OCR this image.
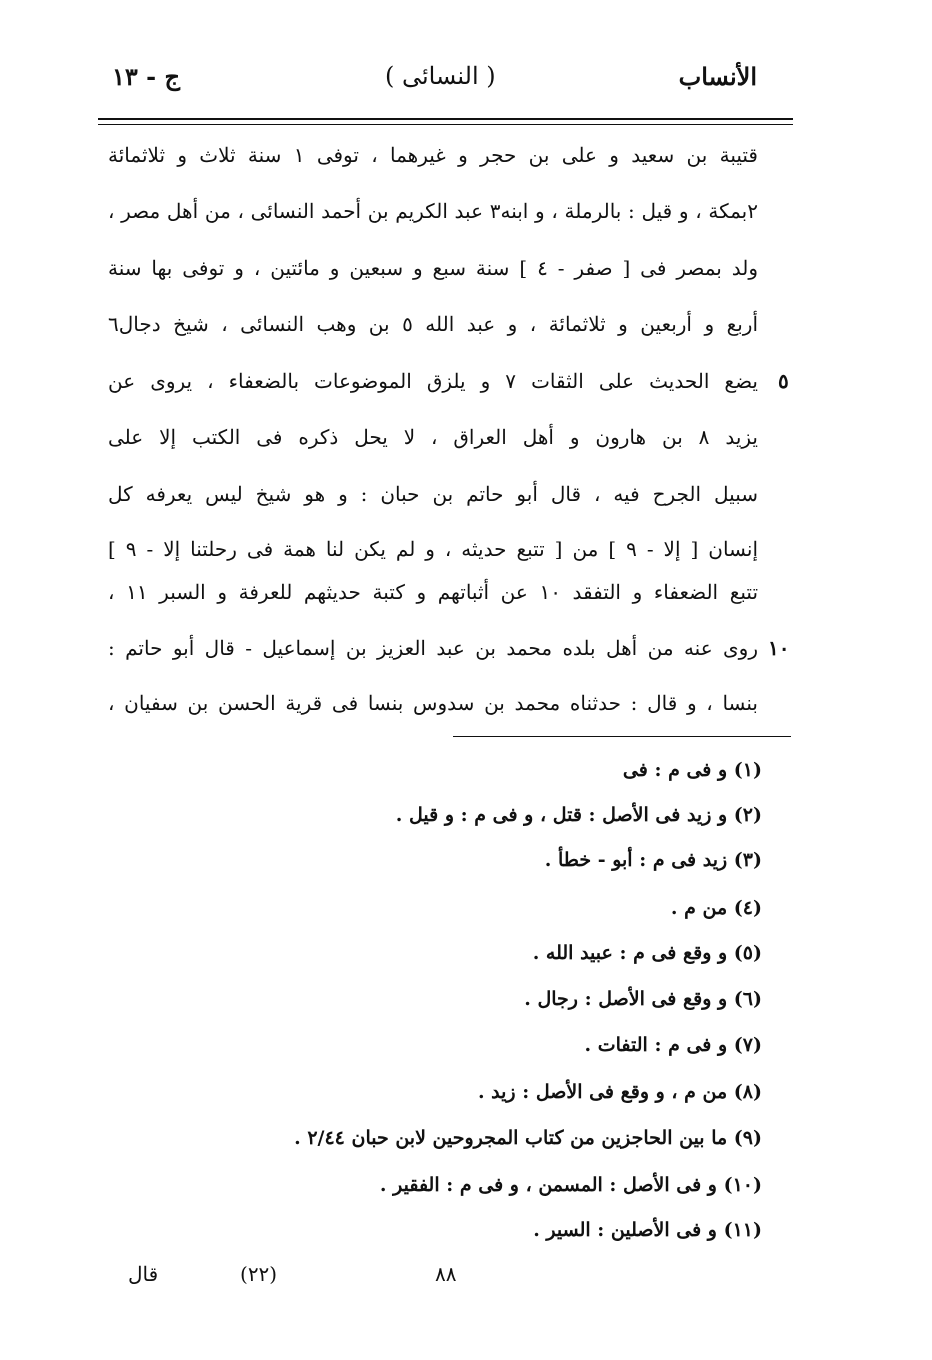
الأنساب
( النسائى )
ج - ١٣
قتيبة بن سعيد و على بن حجر و غيرهما ، توفى ١ سنة ثلاث و ثلاثمائة
٢بمكة ، و قيل : بالرملة ، و ابنه٣ عبد الكريم بن أحمد النسائى ، من أهل مصر ،
ولد بمصر فى [ صفر - ٤ ] سنة سبع و سبعين و مائتين ، و توفى بها سنة
أربع و أربعين و ثلاثمائة ، و عبد الله ٥ بن وهب النسائى ، شيخ دجال٦
يضع الحديث على الثقات ٧ و يلزق الموضوعات بالضعفاء ، يروى عن
يزيد ٨ بن هارون و أهل العراق ، لا يحل ذكره فى الكتب إلا على
سبيل الجرح فيه ، قال أبو حاتم بن حبان : و هو شيخ ليس يعرفه كل
إنسان [ إلا - ٩ ] من [ تتبع حديثه ، و لم يكن لنا همة فى رحلتنا إلا - ٩ ]
تتبع الضعفاء و التفقد ١٠ عن أثباتهم و كتبة حديثهم للعرفة و السبر ١١ ،
روى عنه من أهل بلده محمد بن عبد العزيز بن إسماعيل - قال أبو حاتم :
بنسا ، و قال : حدثناه محمد بن سدوس بنسا فى قرية الحسن بن سفيان ،
٥
١٠
(١) و فى م : فى
(٢) و زيد فى الأصل : قتل ، و فى م : و قيل .
(٣) زيد فى م : أبو - خطأ .
(٤) من م .
(٥) و وقع فى م : عبيد الله .
(٦) و وقع فى الأصل : رجال .
(٧) و فى م : التفات .
(٨) من م ، و وقع فى الأصل : زيد .
(٩) ما بين الحاجزين من كتاب المجروحين لابن حبان ٢/٤٤ .
(١٠) و فى الأصل : المسمن ، و فى م : الفقير .
(١١) و فى الأصلين : السير .
قال	(٢٢)	٨٨
